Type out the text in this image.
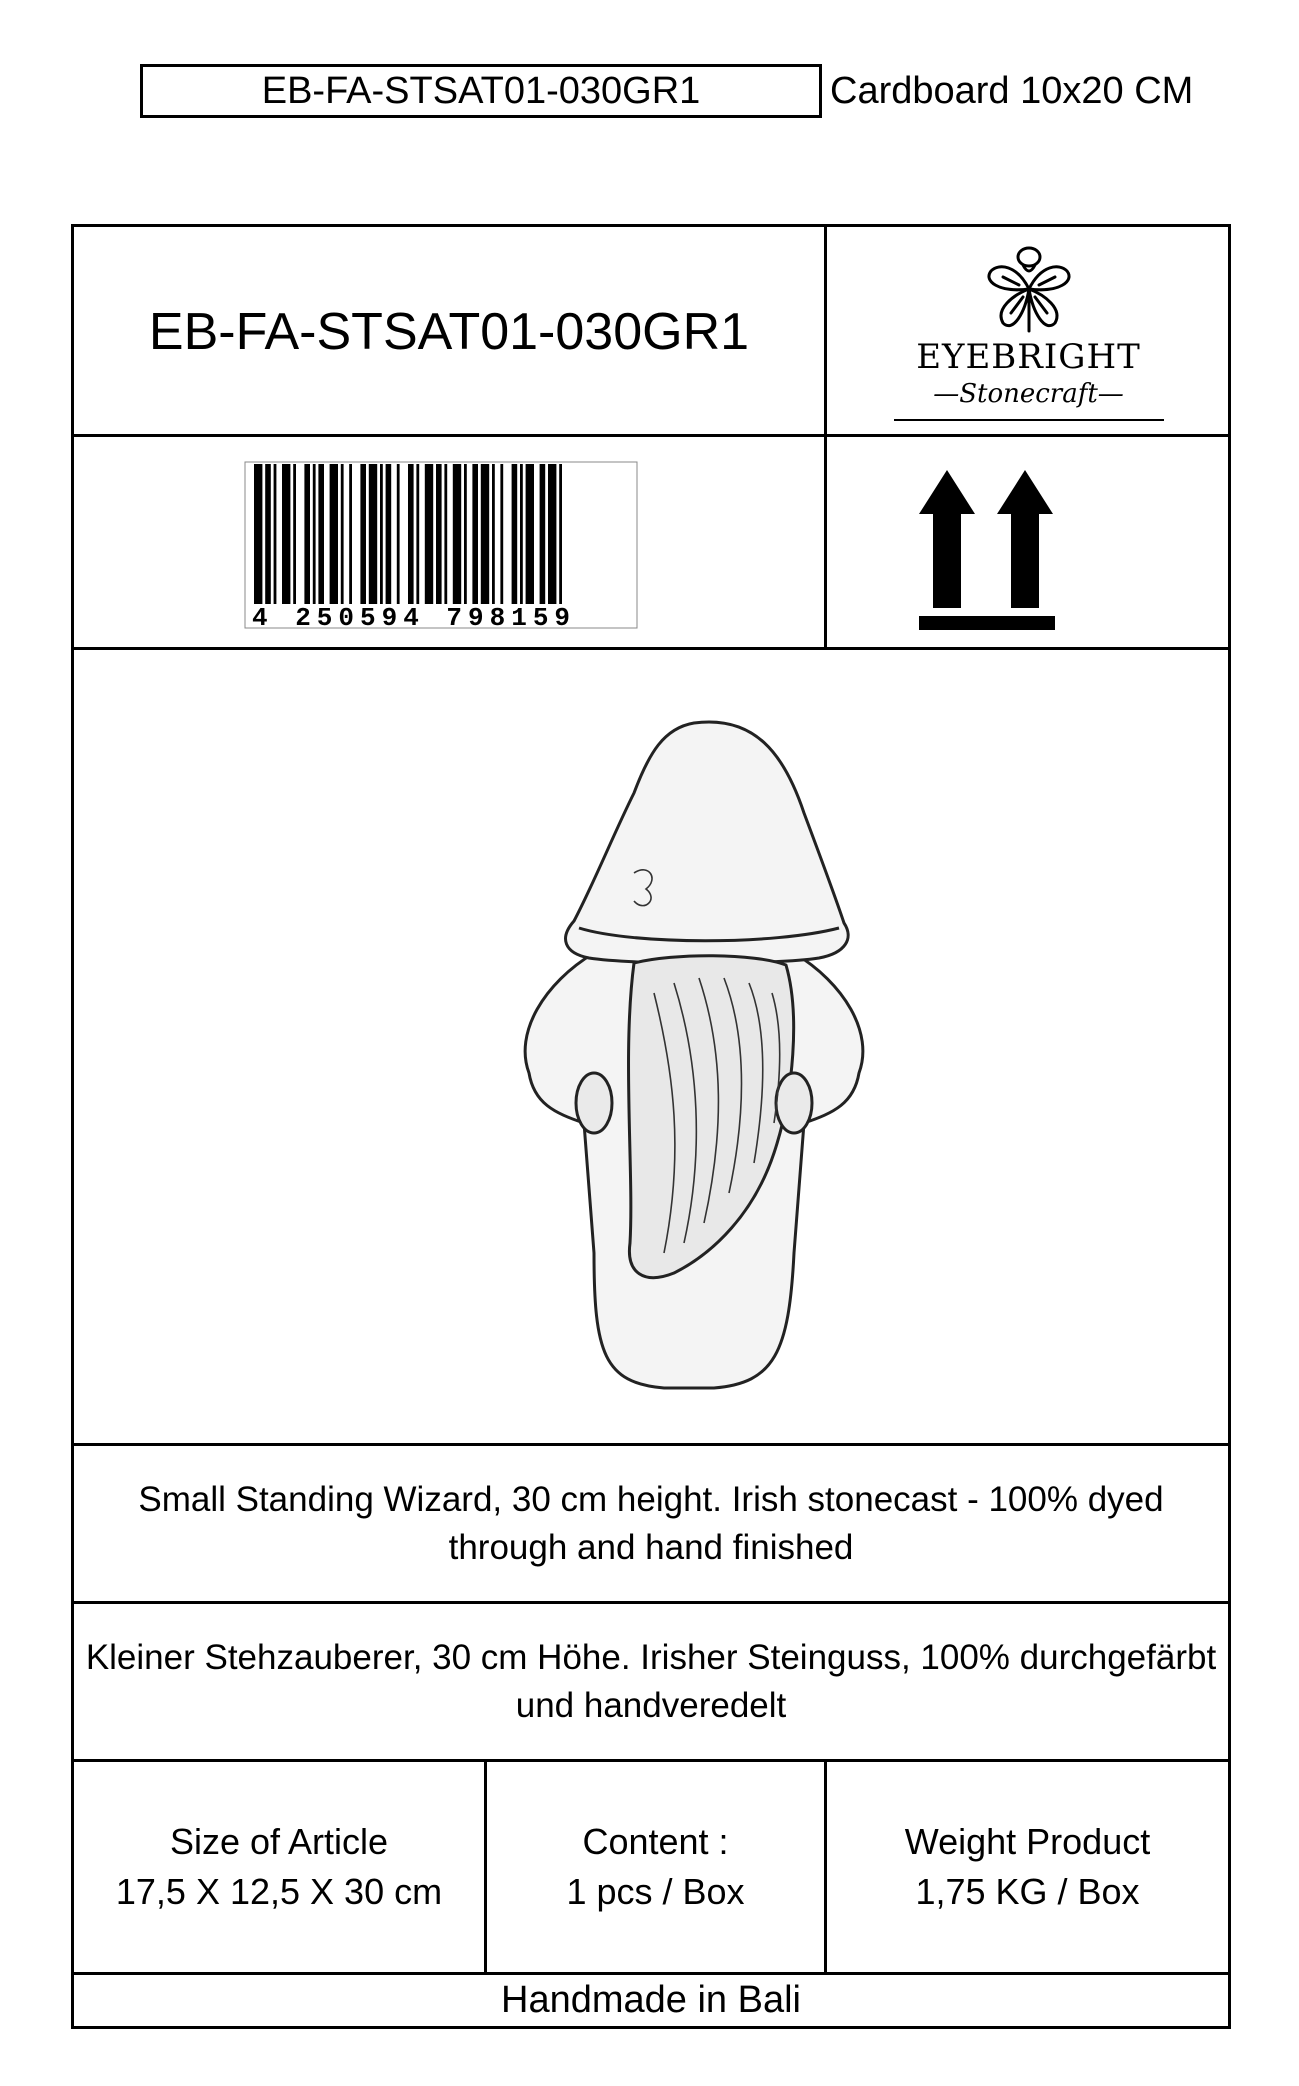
EB-FA-STSAT01-030GR1	Cardboard 10x20 CM
EB-FA-STSAT01-030GR1	EYEBRIGHT
—Stonecraft—
4 250594 798159
Small Standing Wizard, 30 cm height. Irish stonecast - 100% dyed through and hand finished
Kleiner Stehzauberer, 30 cm Höhe. Irisher Steinguss, 100% durchgefärbt und handveredelt
Size of Article
17,5 X 12,5 X 30 cm
Content :
1 pcs / Box
Weight Product
1,75 KG / Box
Handmade in Bali
